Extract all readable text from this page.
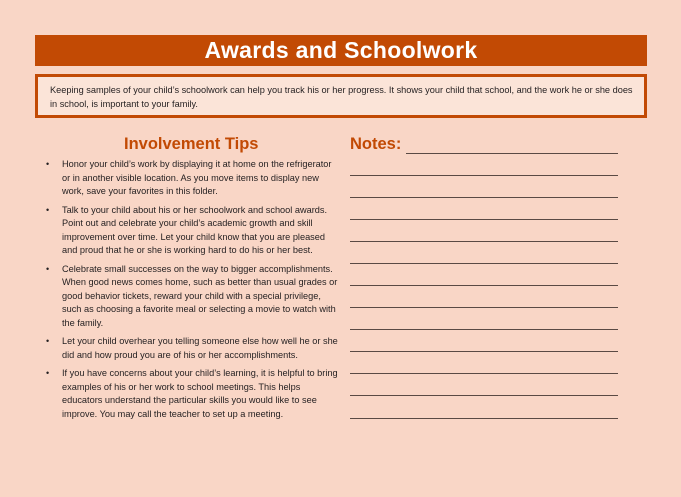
Awards and Schoolwork

Keeping samples of your child’s schoolwork can help you track his or her progress. It shows your child that school, and the work he or she does in school, is important to your family.

Involvement Tips
• Honor your child’s work by displaying it at home on the refrigerator or in another visible location. As you move items to display new work, save your favorites in this folder.
• Talk to your child about his or her schoolwork and school awards. Point out and celebrate your child’s academic growth and skill improvement over time. Let your child know that you are pleased and proud that he or she is working hard to do his or her best.
• Celebrate small successes on the way to bigger accomplishments. When good news comes home, such as better than usual grades or good behavior tickets, reward your child with a special privilege, such as choosing a favorite meal or selecting a movie to watch with the family.
• Let your child overhear you telling someone else how well he or she did and how proud you are of his or her accomplishments.
• If you have concerns about your child’s learning, it is helpful to bring examples of his or her work to school meetings. This helps educators understand the particular skills you would like to see improve. You may call the teacher to set up a meeting.
Notes:
